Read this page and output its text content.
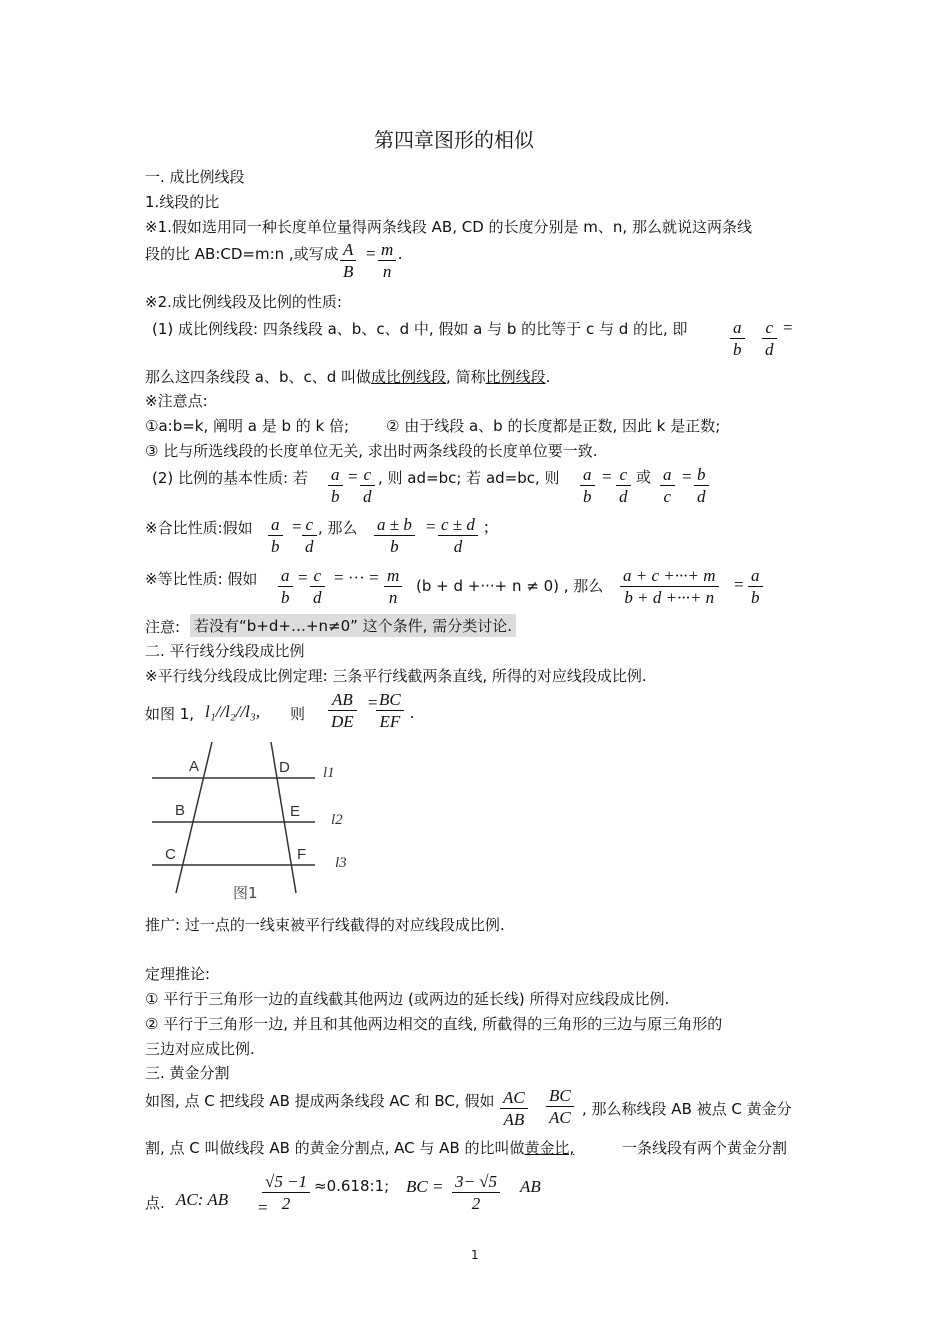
第四章图形的相似
一. 成比例线段
1.线段的比
※1.假如选用同一种长度单位量得两条线段 AB, CD 的长度分别是 m、n, 那么就说这两条线
段的比 AB:CD=m:n ,或写成 $\frac{A}{B} = \frac{m}{n}$ .
※2.成比例线段及比例的性质:
(1) 成比例线段: 四条线段 a、b、c、d 中, 假如 a 与 b 的比等于 c 与 d 的比, 即 $\frac{a}{b} \frac{c}{d}$ =
那么这四条线段 a、b、c、d 叫做成比例线段, 简称比例线段.
※注意点:
①a:b=k, 阐明 a 是 b 的 k 倍; ② 由于线段 a、b 的长度都是正数, 因此 k 是正数;
③ 比与所选线段的长度单位无关, 求出时两条线段的长度单位要一致.
(2) 比例的基本性质: 若 $\frac{a}{b} = \frac{c}{d}$ , 则 ad=bc; 若 ad=bc, 则 $\frac{a}{b} = \frac{c}{d}$ 或 $\frac{a}{c} = \frac{b}{d}$
※合比性质:假如 $\frac{a}{b} = \frac{c}{d}$ , 那么 $\frac{a \pm b}{b} = \frac{c \pm d}{d}$ ;
※等比性质: 假如 $\frac{a}{b} = \frac{c}{d}$ = ··· = $\frac{m}{n} (b + d$ +···+ n ≠ 0) , 那么 $\frac{a + c +\cdot\cdot\cdot+ m}{b + d +\cdot\cdot\cdot+ n} = \frac{a}{b}$
注意: 若没有“b+d+…+n≠0” 这个条件, 需分类讨论.
二. 平行线分线段成比例
※平行线分线段成比例定理: 三条平行线截两条直线, 所得的对应线段成比例.
如图 1, l₁//l₂//l₃, 则 $\frac{AB}{DE}$ =
$\frac{BC}{EF}$ .
A	D
B	E
C	F
l1
l2
l3
图1
推广: 过一点的一线束被平行线截得的对应线段成比例.
定理推论:
① 平行于三角形一边的直线截其他两边 (或两边的延长线) 所得对应线段成比例.
② 平行于三角形一边, 并且和其他两边相交的直线, 所截得的三角形的三边与原三角形的
三边对应成比例.
三. 黄金分割
如图, 点 C 把线段 AB 提成两条线段 AC 和 BC, 假如 $\frac{AC}{AB} \frac{BC}{AC}$ , 那么称线段 AB 被点 C 黄金分
割, 点 C 叫做线段 AB 的黄金分割点, AC 与 AB 的比叫做黄金比,	一条线段有两个黄金分割
点. AC: AB =
$\frac{√5 -1}{2}$ ≈0.618:1; BC = $\frac{3- √5}{2}$ AB
1
